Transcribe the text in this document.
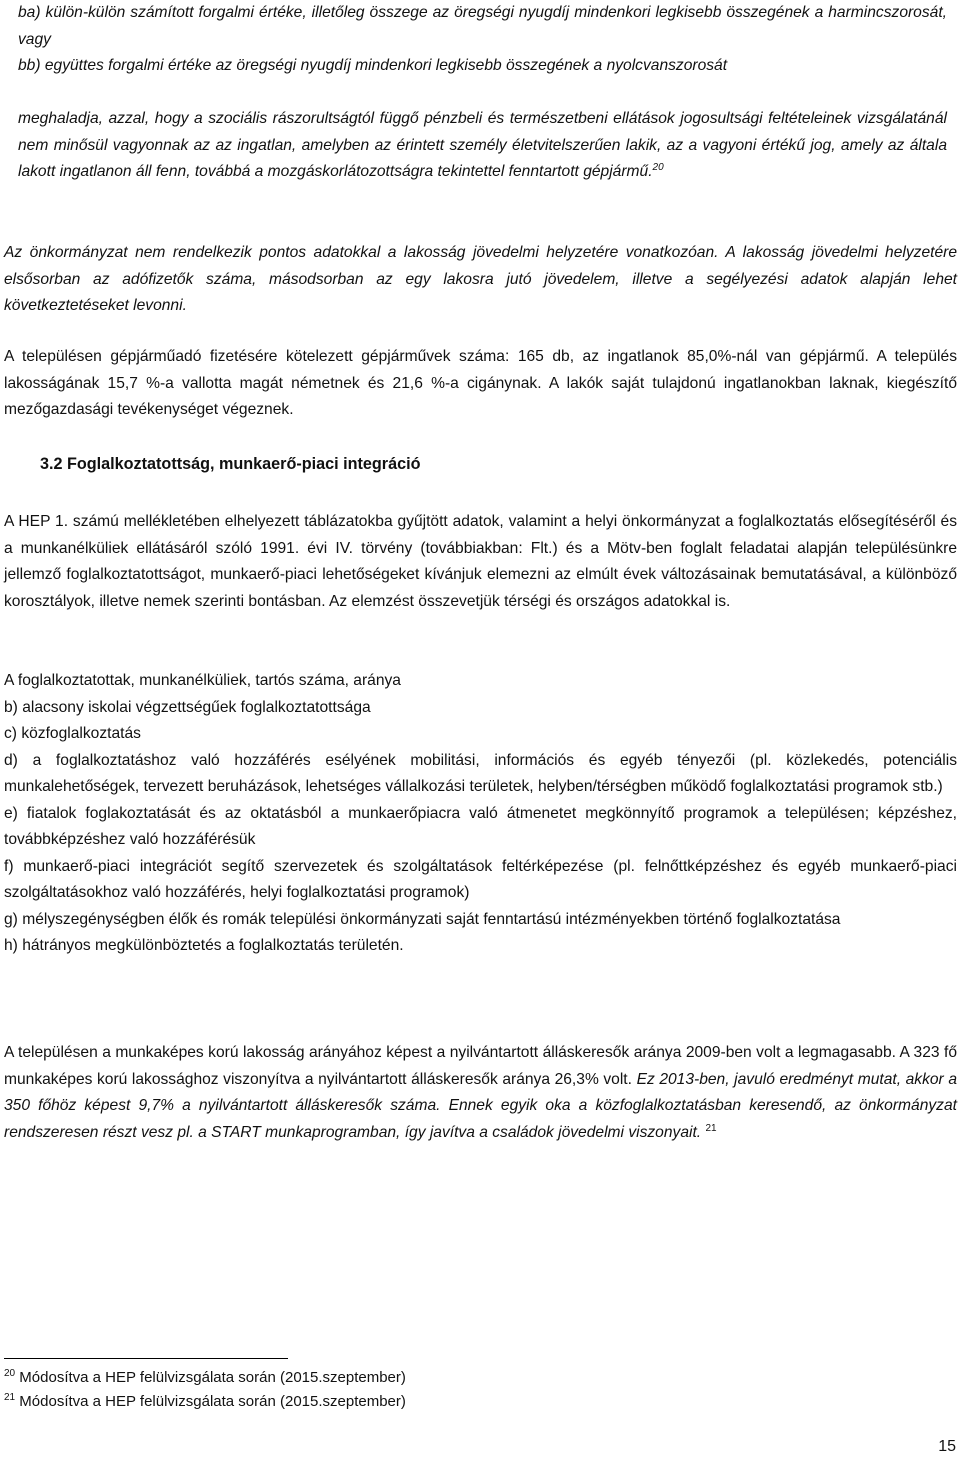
ba) külön-külön számított forgalmi értéke, illetőleg összege az öregségi nyugdíj mindenkori legkisebb összegének a harmincszorosát, vagy
bb) együttes forgalmi értéke az öregségi nyugdíj mindenkori legkisebb összegének a nyolcvanszorosát
meghaladja, azzal, hogy a szociális rászorultságtól függő pénzbeli és természetbeni ellátások jogosultsági feltételeinek vizsgálatánál nem minősül vagyonnak az az ingatlan, amelyben az érintett személy életvitelszerűen lakik, az a vagyoni értékű jog, amely az általa lakott ingatlanon áll fenn, továbbá a mozgáskorlátozottságra tekintettel fenntartott gépjármű.$^{20}$
Az önkormányzat nem rendelkezik pontos adatokkal a lakosság jövedelmi helyzetére vonatkozóan. A lakosság jövedelmi helyzetére elsősorban az adófizetők száma, másodsorban az egy lakosra jutó jövedelem, illetve a segélyezési adatok alapján lehet következtetéseket levonni.
A településen gépjárműadó fizetésére kötelezett gépjárművek száma: 165 db, az ingatlanok 85,0%-nál van gépjármű. A település lakosságának 15,7 %-a vallotta magát németnek és 21,6 %-a cigánynak. A lakók saját tulajdonú ingatlanokban laknak, kiegészítő mezőgazdasági tevékenységet végeznek.
3.2 Foglalkoztatottság, munkaerő-piaci integráció
A HEP 1. számú mellékletében elhelyezett táblázatokba gyűjtött adatok, valamint a helyi önkormányzat a foglalkoztatás elősegítéséről és a munkanélküliek ellátásáról szóló 1991. évi IV. törvény (továbbiakban: Flt.) és a Mötv-ben foglalt feladatai alapján településünkre jellemző foglalkoztatottságot, munkaerő-piaci lehetőségeket kívánjuk elemezni az elmúlt évek változásainak bemutatásával, a különböző korosztályok, illetve nemek szerinti bontásban. Az elemzést összevetjük térségi és országos adatokkal is.
A foglalkoztatottak, munkanélküliek, tartós száma, aránya
b) alacsony iskolai végzettségűek foglalkoztatottsága
c) közfoglalkoztatás
d) a foglalkoztatáshoz való hozzáférés esélyének mobilitási, információs és egyéb tényezői (pl. közlekedés, potenciális munkalehetőségek, tervezett beruházások, lehetséges vállalkozási területek, helyben/térségben működő foglalkoztatási programok stb.)
e) fiatalok foglakoztatását és az oktatásból a munkaerőpiacra való átmenetet megkönnyítő programok a településen; képzéshez, továbbképzéshez való hozzáférésük
f) munkaerő-piaci integrációt segítő szervezetek és szolgáltatások feltérképezése (pl. felnőttképzéshez és egyéb munkaerő-piaci szolgáltatásokhoz való hozzáférés, helyi foglalkoztatási programok)
g) mélyszegénységben élők és romák települési önkormányzati saját fenntartású intézményekben történő foglalkoztatása
h) hátrányos megkülönböztetés a foglalkoztatás területén.
A településen a munkaképes korú lakosság arányához képest a nyilvántartott álláskeresők aránya 2009-ben volt a legmagasabb. A 323 fő munkaképes korú lakossághoz viszonyítva a nyilvántartott álláskeresők aránya 26,3% volt. Ez 2013-ben, javuló eredményt mutat, akkor a 350 főhöz képest 9,7% a nyilvántartott álláskeresők száma. Ennek egyik oka a közfoglalkoztatásban keresendő, az önkormányzat rendszeresen részt vesz pl. a START munkaprogramban, így javítva a családok jövedelmi viszonyait. $^{21}$
$^{20}$ Módosítva a HEP felülvizsgálata során (2015.szeptember)
$^{21}$ Módosítva a HEP felülvizsgálata során (2015.szeptember)
15
